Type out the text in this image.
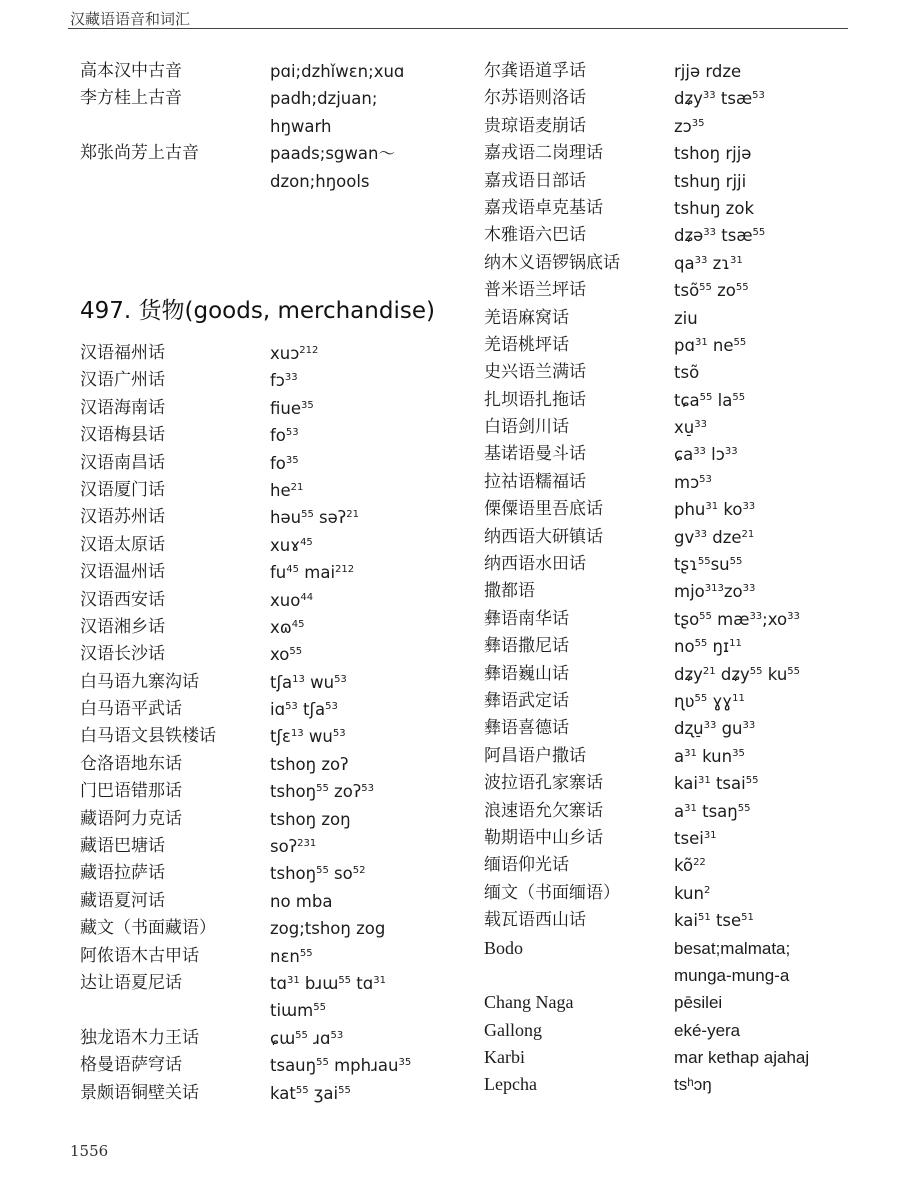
汉藏语语音和词汇
高本汉中古音	pɑi;dzhǐwɛn;xuɑ
李方桂上古音	padh;dzjuan;
hŋwarh
郑张尚芳上古音	paads;sgwan～
dzon;hŋools
497. 货物(goods, merchandise)
汉语福州话	xuɔ$^{212}$
汉语广州话	fɔ$^{33}$
汉语海南话	fiue$^{35}$
汉语梅县话	$fo^{53}$
汉语南昌话	$fo^{35}$
汉语厦门话	$he^{21}$
汉语苏州话	həu$^{55}$ səʔ$^{21}$
汉语太原话	xuɤ$^{45}$
汉语温州话	$fu^{45}$ mai$^{212}$
汉语西安话	xuo$^{44}$
汉语湘乡话	xɷ$^{45}$
汉语长沙话	$xo^{55}$
白马语九寨沟话	tʃa$^{13}$ $wu^{53}$
白马语平武话	iɑ$^{53}$ tʃa$^{53}$
白马语文县铁楼话	tʃɛ$^{13}$ $wu^{53}$
仓洛语地东话	tshoŋ zoʔ
门巴语错那话	tshoŋ$^{55}$ zoʔ$^{53}$
藏语阿力克话	tshoŋ zoŋ
藏语巴塘话	soʔ$^{231}$
藏语拉萨话	tshoŋ$^{55}$ $so^{52}$
藏语夏河话	no mba
藏文（书面藏语）	zog;tshoŋ zog
阿侬语木古甲话	nɛn$^{55}$
达让语夏尼话	tɑ$^{31}$ bɹɯ$^{55}$ tɑ$^{31}$
tiɯm$^{55}$
独龙语木力王话	ɕɯ$^{55}$ ɹɑ$^{53}$
格曼语萨穹话	tsauŋ$^{55}$ mphɹau$^{35}$
景颇语铜壁关话	kat$^{55}$ ʒai$^{55}$
尔龚语道孚话	rjjə rdze
尔苏语则洛话	dʑy$^{33}$ tsæ$^{53}$
贵琼语麦崩话	zɔ$^{35}$
嘉戎语二岗理话	tshoŋ rjjə
嘉戎语日部话	tshuŋ rjji
嘉戎语卓克基话	tshuŋ zok
木雅语六巴话	dʑə$^{33}$ tsæ$^{55}$
纳木义语锣锅底话	$qa^{33}$ zɿ$^{31}$
普米语兰坪话	tsõ$^{55}$ $zo^{55}$
羌语麻窝话	ziu
羌语桃坪话	pɑ$^{31}$ $ne^{55}$
史兴语兰满话	tsõ
扎坝语扎拖话	tɕa$^{55}$ $la^{55}$
白语剑川话	xu̠$^{33}$
基诺语曼斗话	ɕa$^{33}$ lɔ$^{33}$
拉祜语糯福话	mɔ$^{53}$
傈僳语里吾底话	phu$^{31}$ $ko^{33}$
纳西语大研镇话	$gv^{33}$ dze$^{21}$
纳西语水田话	$tʂɿ^{55}su^{55}$
撒都语	$mjo^{313}zo^{33}$
彝语南华话	tʂo$^{55}$ $mæ^{33};xo^{33}$
彝语撒尼话	$no^{55}$ ŋɪ$^{11}$
彝语巍山话	dʑy$^{21}$ dʑy$^{55}$ $ku^{55}$
彝语武定话	ɳʋ$^{55}$ ɣɣ$^{11}$
彝语喜德话	dʐu̠$^{33}$ $gu^{33}$
阿昌语户撒话	$a^{31}$ kun$^{35}$
波拉语孔家寨话	kai$^{31}$ tsai$^{55}$
浪速语允欠寨话	$a^{31}$ tsaŋ$^{55}$
勒期语中山乡话	tsei$^{31}$
缅语仰光话	$kõ^{22}$
缅文（书面缅语）	kun$^2$
载瓦语西山话	kai$^{51}$ tse$^{51}$
Bodo	besat;malmata;
munga-mung-a
Chang Naga	pēsilei
Gallong	eké-yera
Karbi	mar kethap ajahaj
Lepcha	tsʰɔŋ
1556
